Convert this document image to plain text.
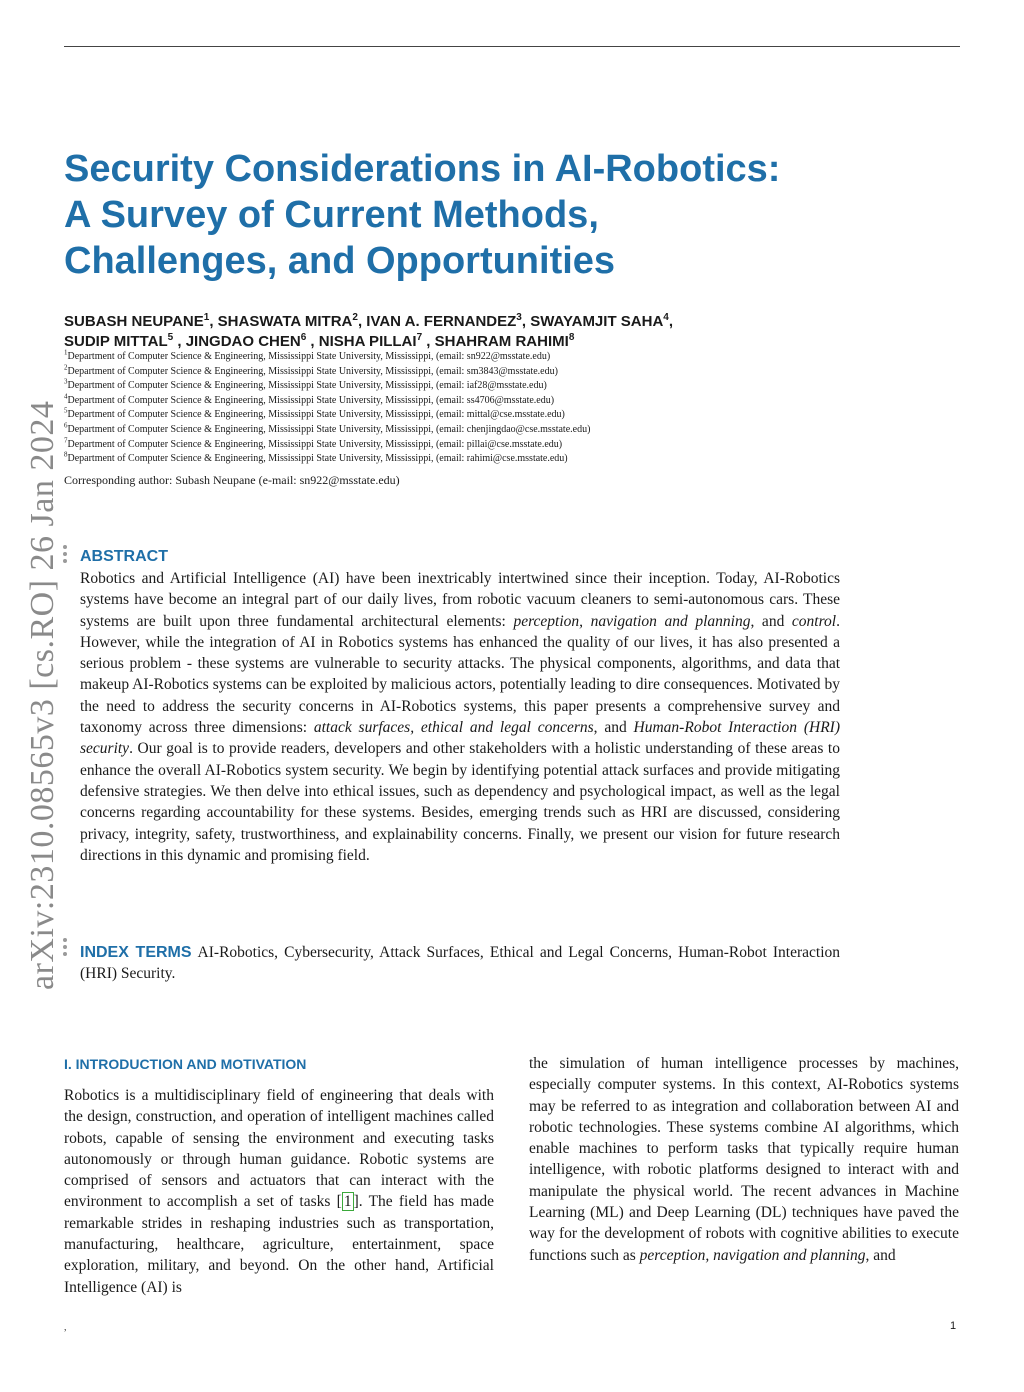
arXiv:2310.08565v3 [cs.RO] 26 Jan 2024
Security Considerations in AI-Robotics:
A Survey of Current Methods,
Challenges, and Opportunities

SUBASH NEUPANE$^1$, SHASWATA MITRA$^2$, IVAN A. FERNANDEZ$^3$, SWAYAMJIT SAHA$^4$,
SUDIP MITTAL$^5$ , JINGDAO CHEN$^6$ , NISHA PILLAI$^7$ , SHAHRAM RAHIMI$^8$

$^1$Department of Computer Science & Engineering, Mississippi State University, Mississippi, (email: sn922@msstate.edu)
$^2$Department of Computer Science & Engineering, Mississippi State University, Mississippi, (email: sm3843@msstate.edu)
$^3$Department of Computer Science & Engineering, Mississippi State University, Mississippi, (email: iaf28@msstate.edu)
$^4$Department of Computer Science & Engineering, Mississippi State University, Mississippi, (email: ss4706@msstate.edu)
$^5$Department of Computer Science & Engineering, Mississippi State University, Mississippi, (email: mittal@cse.msstate.edu)
$^6$Department of Computer Science & Engineering, Mississippi State University, Mississippi, (email: chenjingdao@cse.msstate.edu)
$^7$Department of Computer Science & Engineering, Mississippi State University, Mississippi, (email: pillai@cse.msstate.edu)
$^8$Department of Computer Science & Engineering, Mississippi State University, Mississippi, (email: rahimi@cse.msstate.edu)

Corresponding author: Subash Neupane (e-mail: sn922@msstate.edu)

ABSTRACT

Robotics and Artificial Intelligence (AI) have been inextricably intertwined since their inception. Today, AI-Robotics systems have become an integral part of our daily lives, from robotic vacuum cleaners to semi-autonomous cars. These systems are built upon three fundamental architectural elements: perception, navigation and planning, and control. However, while the integration of AI in Robotics systems has enhanced the quality of our lives, it has also presented a serious problem - these systems are vulnerable to security attacks. The physical components, algorithms, and data that makeup AI-Robotics systems can be exploited by malicious actors, potentially leading to dire consequences. Motivated by the need to address the security concerns in AI-Robotics systems, this paper presents a comprehensive survey and taxonomy across three dimensions: attack surfaces, ethical and legal concerns, and Human-Robot Interaction (HRI) security. Our goal is to provide readers, developers and other stakeholders with a holistic understanding of these areas to enhance the overall AI-Robotics system security. We begin by identifying potential attack surfaces and provide mitigating defensive strategies. We then delve into ethical issues, such as dependency and psychological impact, as well as the legal concerns regarding accountability for these systems. Besides, emerging trends such as HRI are discussed, considering privacy, integrity, safety, trustworthiness, and explainability concerns. Finally, we present our vision for future research directions in this dynamic and promising field.

INDEX TERMS AI-Robotics, Cybersecurity, Attack Surfaces, Ethical and Legal Concerns, Human-Robot Interaction (HRI) Security.

I. INTRODUCTION AND MOTIVATION

Robotics is a multidisciplinary field of engineering that deals with the design, construction, and operation of intelligent machines called robots, capable of sensing the environment and executing tasks autonomously or through human guidance. Robotic systems are comprised of sensors and actuators that can interact with the environment to accomplish a set of tasks [ 1 ]. The field has made remarkable strides in reshaping industries such as transportation, manufacturing, healthcare, agriculture, entertainment, space exploration, military, and beyond. On the other hand, Artificial Intelligence (AI) is

the simulation of human intelligence processes by machines, especially computer systems. In this context, AI-Robotics systems may be referred to as integration and collaboration between AI and robotic technologies. These systems combine AI algorithms, which enable machines to perform tasks that typically require human intelligence, with robotic platforms designed to interact with and manipulate the physical world. The recent advances in Machine Learning (ML) and Deep Learning (DL) techniques have paved the way for the development of robots with cognitive abilities to execute functions such as perception, navigation and planning, and

,	1
